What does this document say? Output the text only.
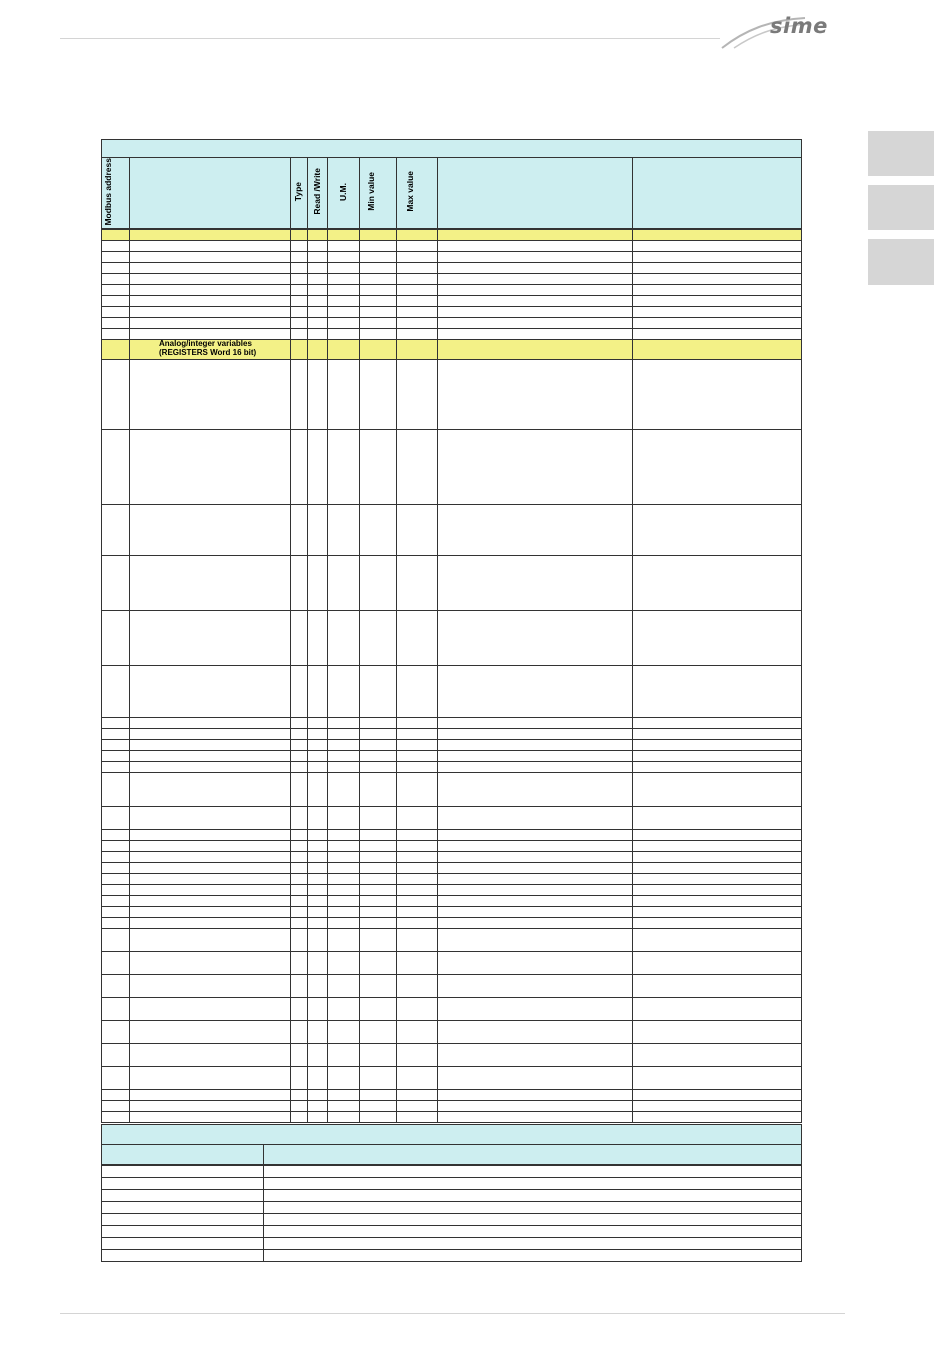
sime

Modbus address		Type	Read /Write	U.M.	Min value	Max value		

	Analog/integer variables (REGISTERS Word 16 bit)							
